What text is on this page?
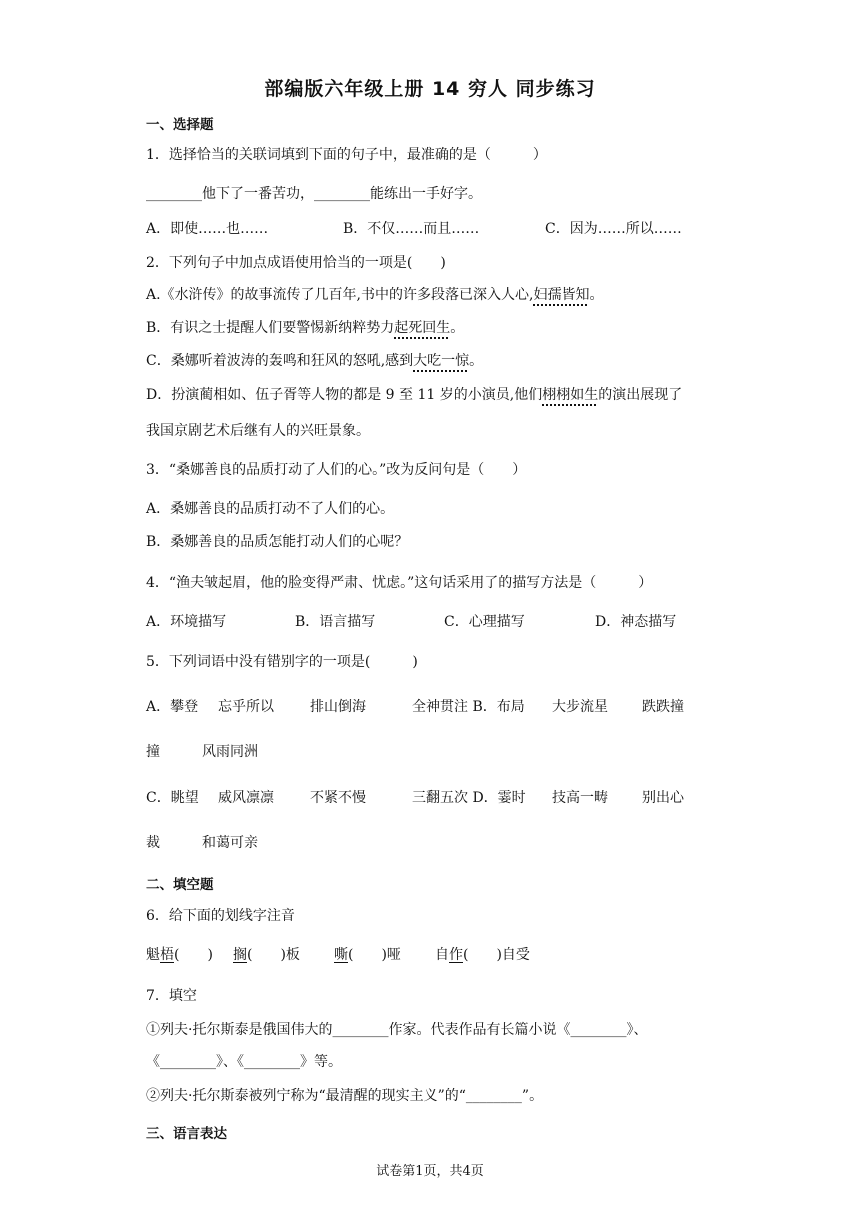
部编版六年级上册 14 穷人 同步练习
一、选择题
1．选择恰当的关联词填到下面的句子中，最准确的是（　　　）
________他下了一番苦功，________能练出一手好字。
A．即使……也……	B．不仅……而且……	C．因为……所以……
2．下列句子中加点成语使用恰当的一项是(　　)
A.《水浒传》的故事流传了几百年,书中的许多段落已深入人心,妇孺皆知。
B．有识之士提醒人们要警惕新纳粹势力起死回生。
C．桑娜听着波涛的轰鸣和狂风的怒吼,感到大吃一惊。
D．扮演蔺相如、伍子胥等人物的都是 9 至 11 岁的小演员,他们栩栩如生的演出展现了
我国京剧艺术后继有人的兴旺景象。
3．“桑娜善良的品质打动了人们的心。”改为反问句是（　　）
A．桑娜善良的品质打动不了人们的心。
B．桑娜善良的品质怎能打动人们的心呢？
4．“渔夫皱起眉，他的脸变得严肃、忧虑。”这句话采用了的描写方法是（　　　）
A．环境描写	B．语言描写	C．心理描写	D．神态描写
5．下列词语中没有错别字的一项是(　　　)
A．攀登 忘乎所以	排山倒海	全神贯注 B．布局 大步流星 跌跌撞
撞	风雨同洲
C．眺望 威风凛凛	不紧不慢	三翻五次 D．霎时 技高一畴 别出心
裁	和蔼可亲
二、填空题
6．给下面的划线字注音
魁梧(　　) 搁(　　)板 嘶(　　)哑 自作(　　)自受
7．填空
①列夫·托尔斯泰是俄国伟大的________作家。代表作品有长篇小说《________》、
《________》、《________》等。
②列夫·托尔斯泰被列宁称为“最清醒的现实主义”的“________”。
三、语言表达
试卷第1页，共4页
